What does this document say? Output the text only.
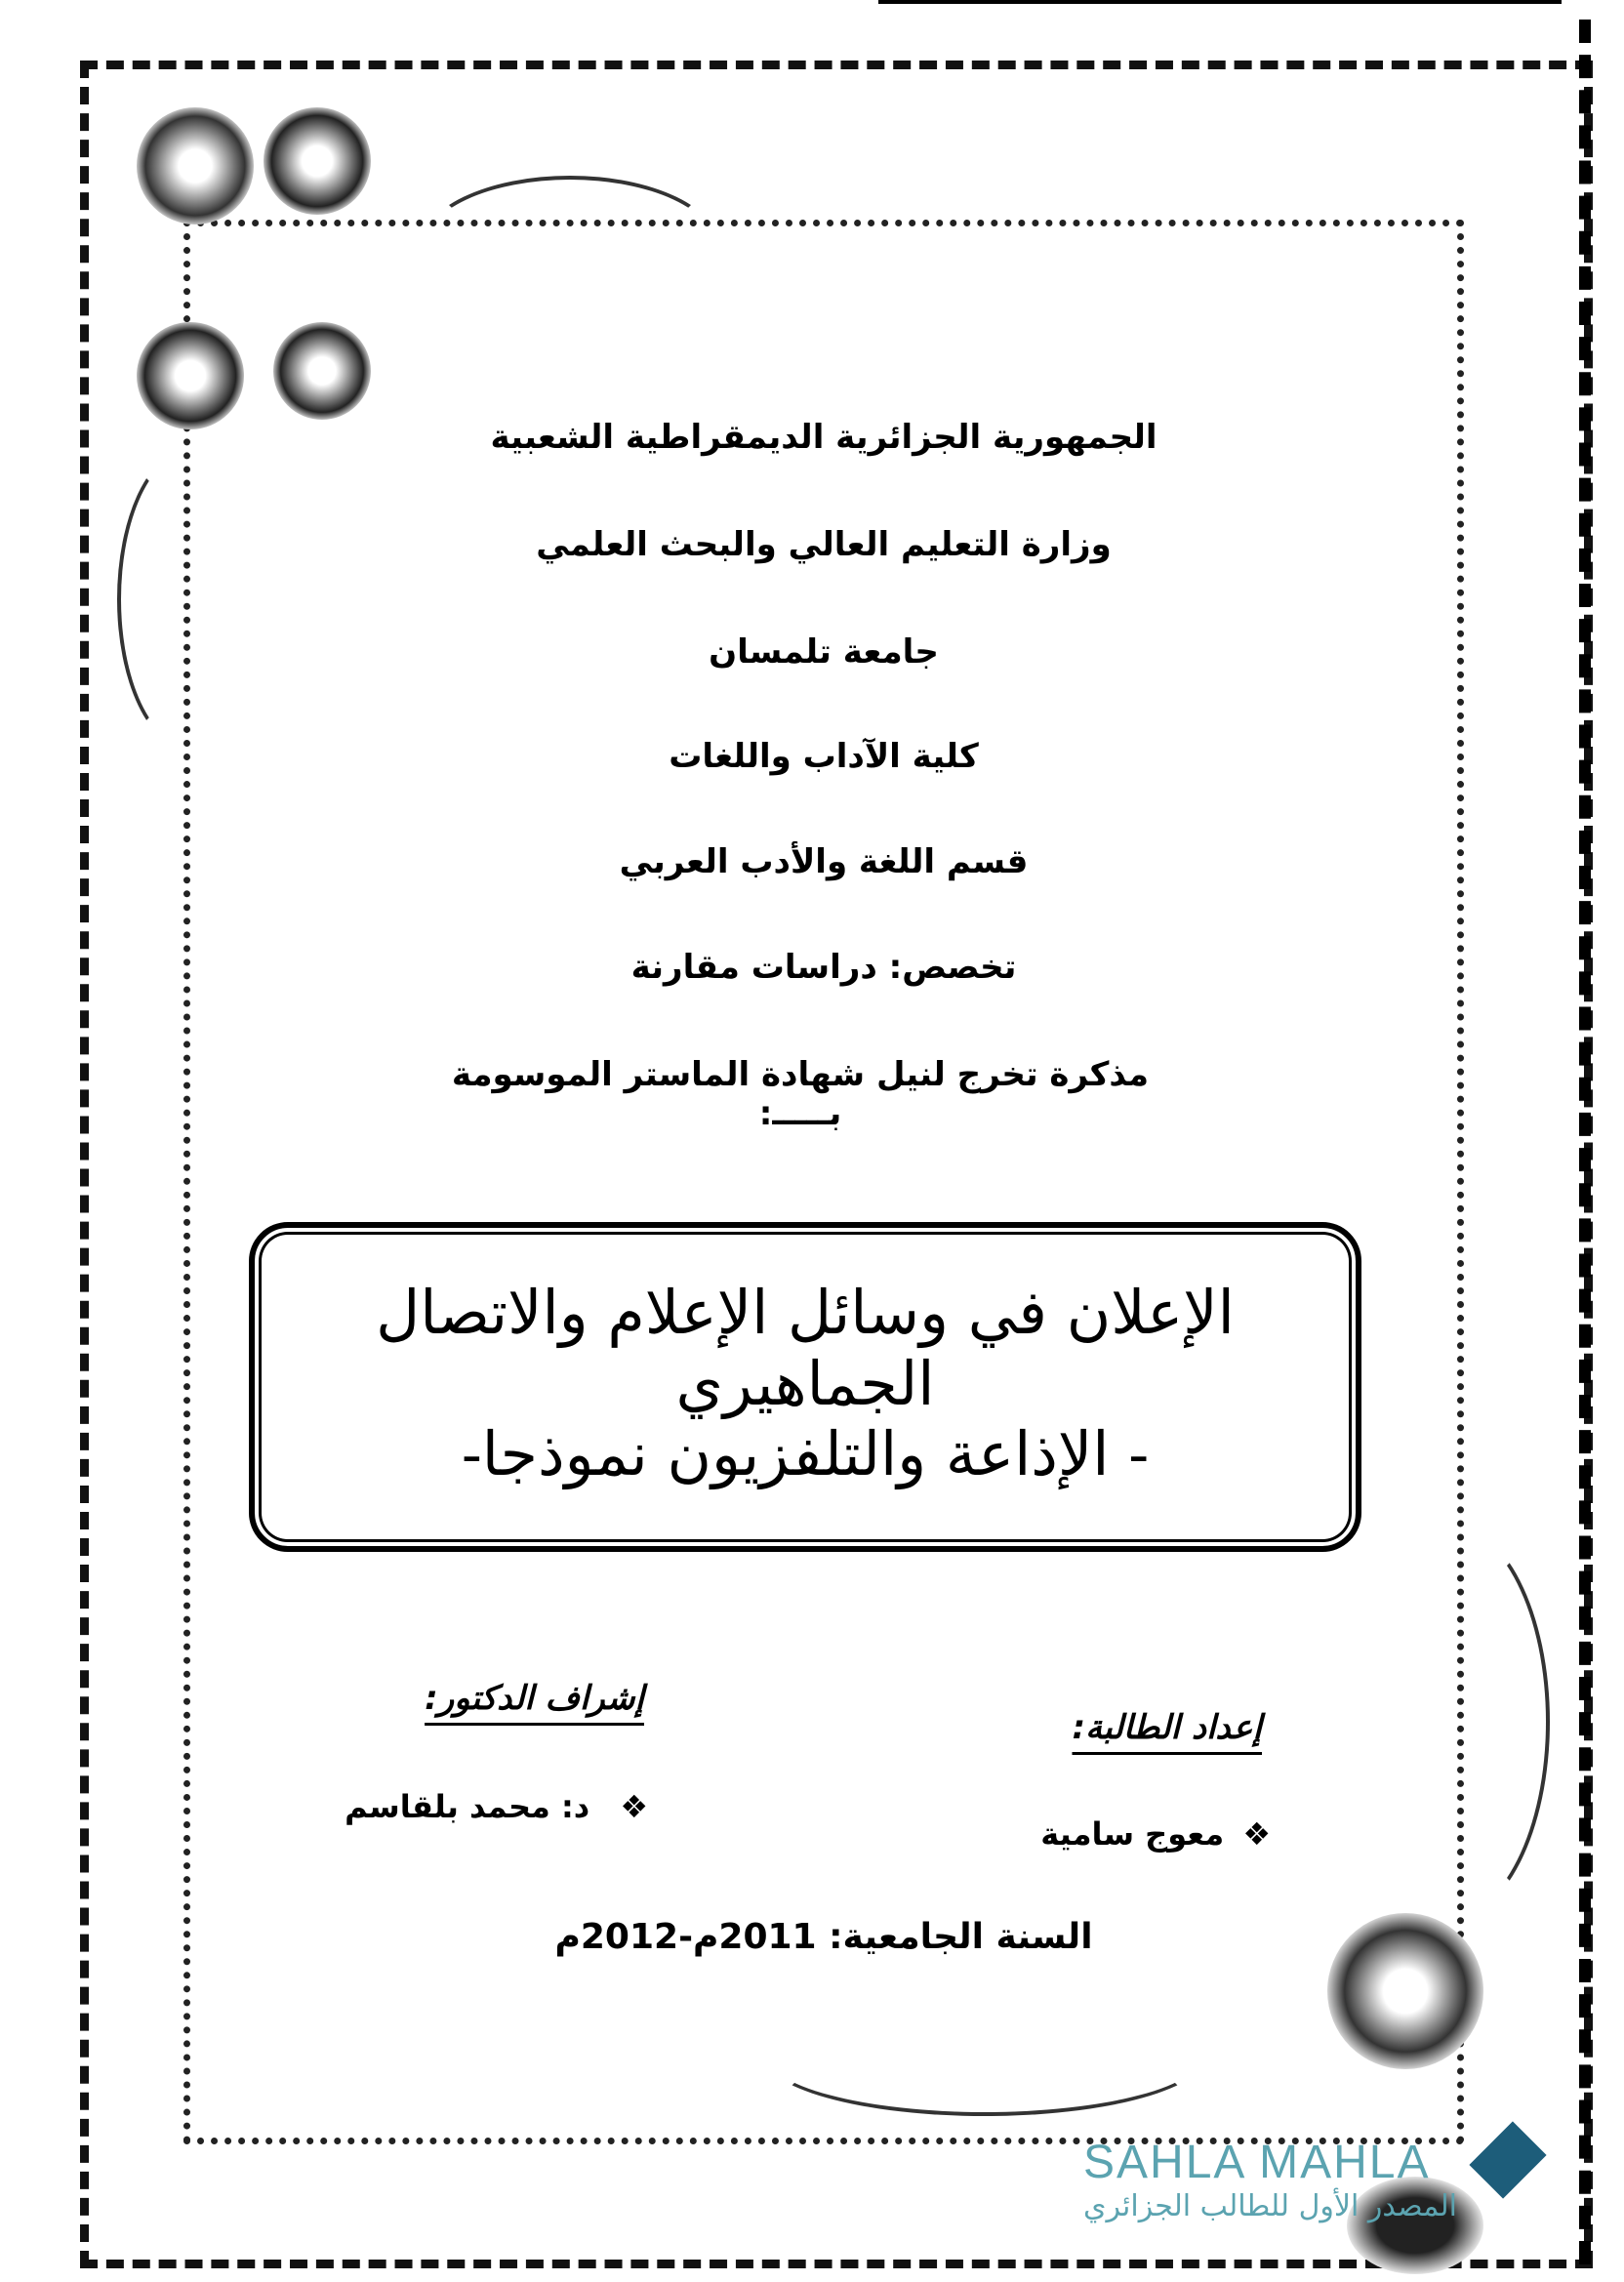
الجمهورية الجزائرية الديمقراطية الشعبية
وزارة التعليم العالي والبحث العلمي
جامعة تلمسان
كلية الآداب واللغات
قسم اللغة والأدب العربي
تخصص: دراسات مقارنة
مذكرة تخرج لنيل شهادة الماستر الموسومة بـــــ:
الإعلان في وسائل الإعلام والاتصال الجماهيري
- الإذاعة والتلفزيون نموذجا-
إشراف الدكتور:
❖ د: محمد بلقاسم
إعداد الطالبة:
❖ معوج سامية
السنة الجامعية: 2011م-2012م
SAHLA MAHLA
المصدر الأول للطالب الجزائري
